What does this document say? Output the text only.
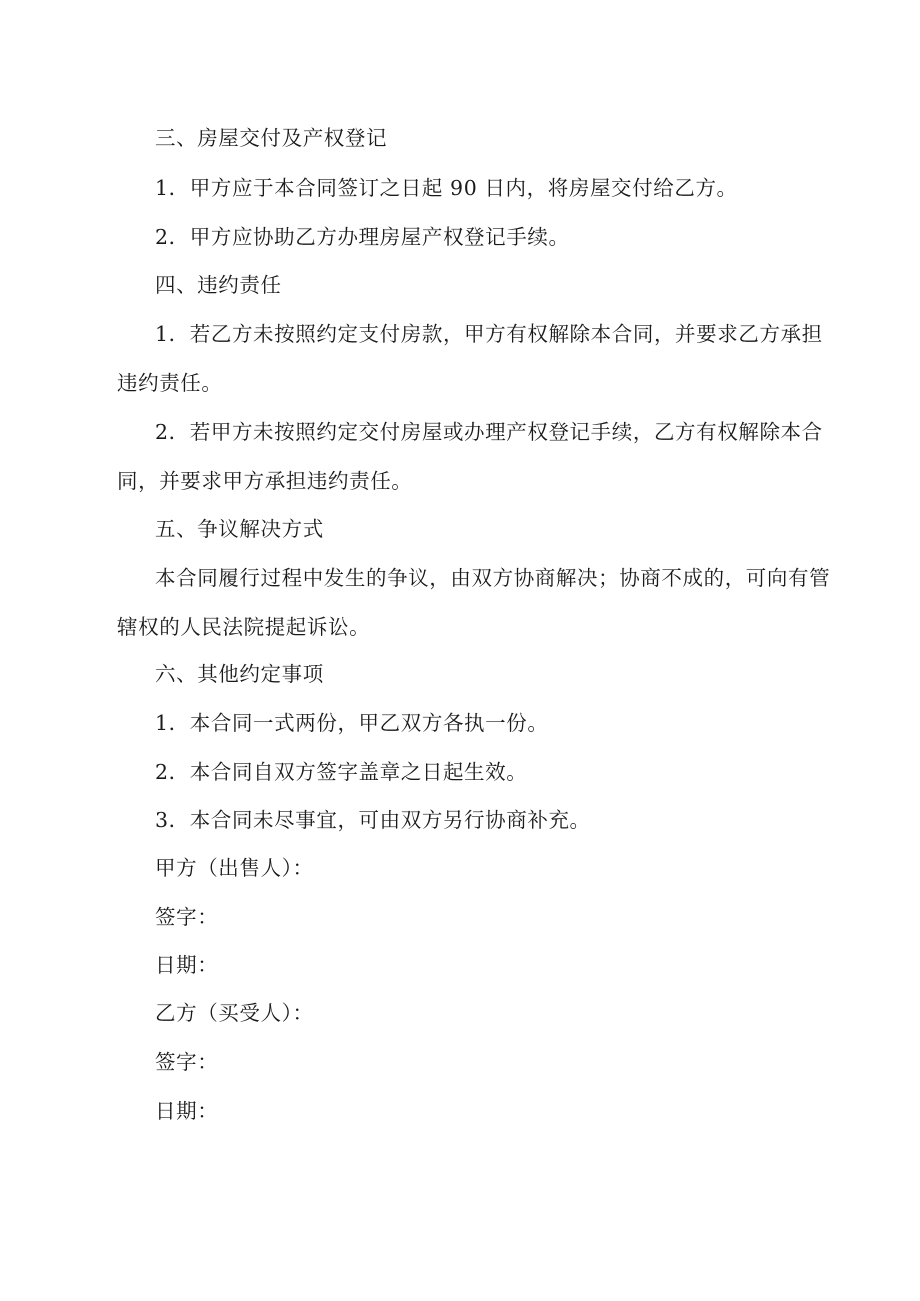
三、房屋交付及产权登记
1．甲方应于本合同签订之日起 90 日内，将房屋交付给乙方。
2．甲方应协助乙方办理房屋产权登记手续。
四、违约责任
1．若乙方未按照约定支付房款，甲方有权解除本合同，并要求乙方承担
违约责任。
2．若甲方未按照约定交付房屋或办理产权登记手续，乙方有权解除本合
同，并要求甲方承担违约责任。
五、争议解决方式
本合同履行过程中发生的争议，由双方协商解决；协商不成的，可向有管
辖权的人民法院提起诉讼。
六、其他约定事项
1．本合同一式两份，甲乙双方各执一份。
2．本合同自双方签字盖章之日起生效。
3．本合同未尽事宜，可由双方另行协商补充。
甲方（出售人）：
签字：
日期：
乙方（买受人）：
签字：
日期：
